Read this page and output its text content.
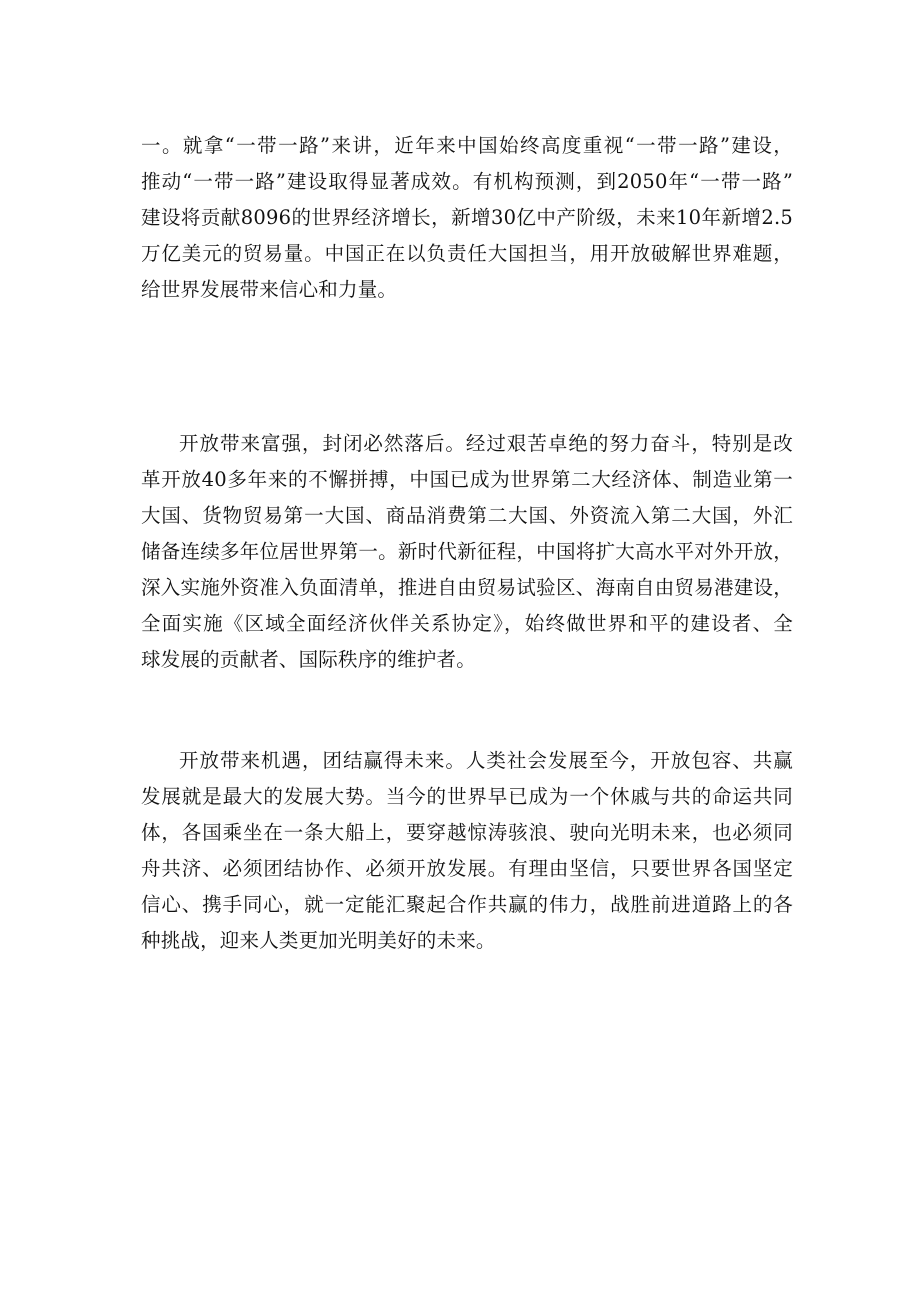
一。就拿“一带一路”来讲，近年来中国始终高度重视“一带一路”建设，
推动“一带一路”建设取得显著成效。有机构预测，到2050年“一带一路”
建设将贡献8096的世界经济增长，新增30亿中产阶级，未来10年新增2.5
万亿美元的贸易量。中国正在以负责任大国担当，用开放破解世界难题，
给世界发展带来信心和力量。
开放带来富强，封闭必然落后。经过艰苦卓绝的努力奋斗，特别是改
革开放40多年来的不懈拼搏，中国已成为世界第二大经济体、制造业第一
大国、货物贸易第一大国、商品消费第二大国、外资流入第二大国，外汇
储备连续多年位居世界第一。新时代新征程，中国将扩大高水平对外开放，
深入实施外资准入负面清单，推进自由贸易试验区、海南自由贸易港建设，
全面实施《区域全面经济伙伴关系协定》，始终做世界和平的建设者、全
球发展的贡献者、国际秩序的维护者。
开放带来机遇，团结赢得未来。人类社会发展至今，开放包容、共赢
发展就是最大的发展大势。当今的世界早已成为一个休戚与共的命运共同
体，各国乘坐在一条大船上，要穿越惊涛骇浪、驶向光明未来，也必须同
舟共济、必须团结协作、必须开放发展。有理由坚信，只要世界各国坚定
信心、携手同心，就一定能汇聚起合作共赢的伟力，战胜前进道路上的各
种挑战，迎来人类更加光明美好的未来。
